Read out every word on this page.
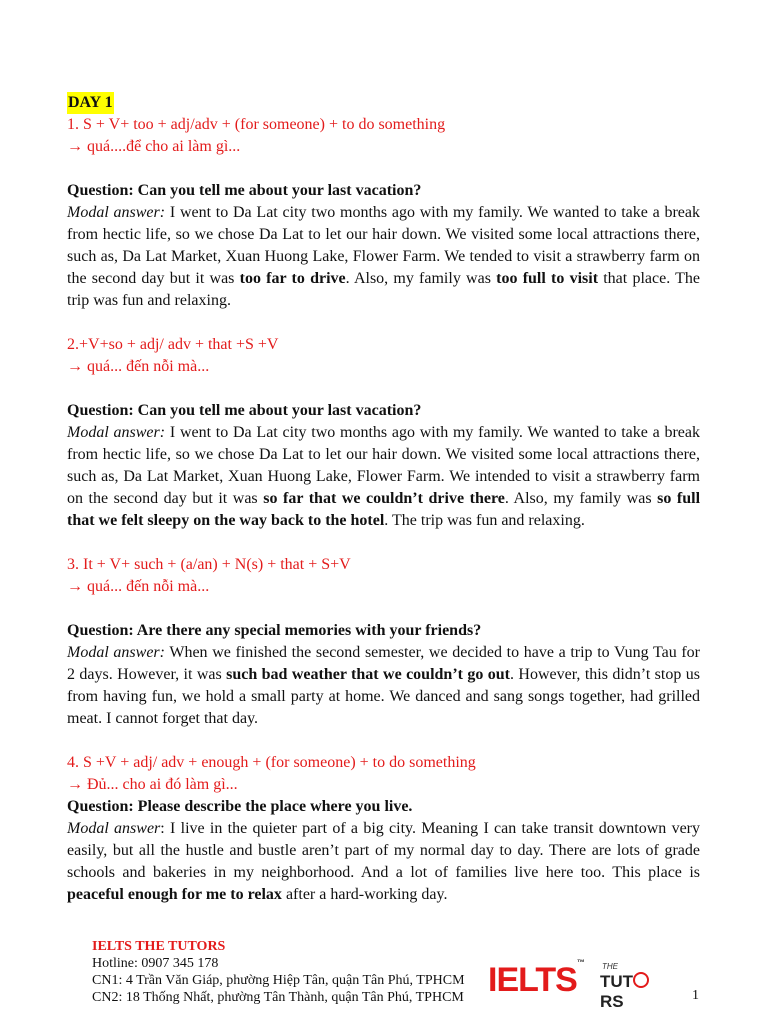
DAY 1
1. S + V+ too + adj/adv + (for someone) + to do something
→ quá....để cho ai làm gì...
Question: Can you tell me about your last vacation?
Modal answer: I went to Da Lat city two months ago with my family. We wanted to take a break from hectic life, so we chose Da Lat to let our hair down. We visited some local attractions there, such as, Da Lat Market, Xuan Huong Lake, Flower Farm. We tended to visit a strawberry farm on the second day but it was too far to drive. Also, my family was too full to visit that place. The trip was fun and relaxing.
2.+V+so + adj/ adv + that +S +V
→ quá... đến nỗi mà...
Question: Can you tell me about your last vacation?
Modal answer: I went to Da Lat city two months ago with my family. We wanted to take a break from hectic life, so we chose Da Lat to let our hair down. We visited some local attractions there, such as, Da Lat Market, Xuan Huong Lake, Flower Farm. We intended to visit a strawberry farm on the second day but it was so far that we couldn’t drive there. Also, my family was so full that we felt sleepy on the way back to the hotel. The trip was fun and relaxing.
3. It + V+ such + (a/an) + N(s) + that + S+V
→ quá... đến nỗi mà...
Question: Are there any special memories with your friends?
Modal answer: When we finished the second semester, we decided to have a trip to Vung Tau for 2 days. However, it was such bad weather that we couldn’t go out. However, this didn’t stop us from having fun, we hold a small party at home. We danced and sang songs together, had grilled meat. I cannot forget that day.
4. S +V + adj/ adv + enough + (for someone) + to do something
→ Đủ... cho ai đó làm gì...
Question: Please describe the place where you live.
Modal answer: I live in the quieter part of a big city. Meaning I can take transit downtown very easily, but all the hustle and bustle aren’t part of my normal day to day. There are lots of grade schools and bakeries in my neighborhood. And a lot of families live here too. This place is peaceful enough for me to relax after a hard-working day.
IELTS THE TUTORS
Hotline: 0907 345 178
CN1: 4 Trần Văn Giáp, phường Hiệp Tân, quận Tân Phú, TPHCM
CN2: 18 Thống Nhất, phường Tân Thành, quận Tân Phú, TPHCM IELTS™ THE
TUTRS	1
